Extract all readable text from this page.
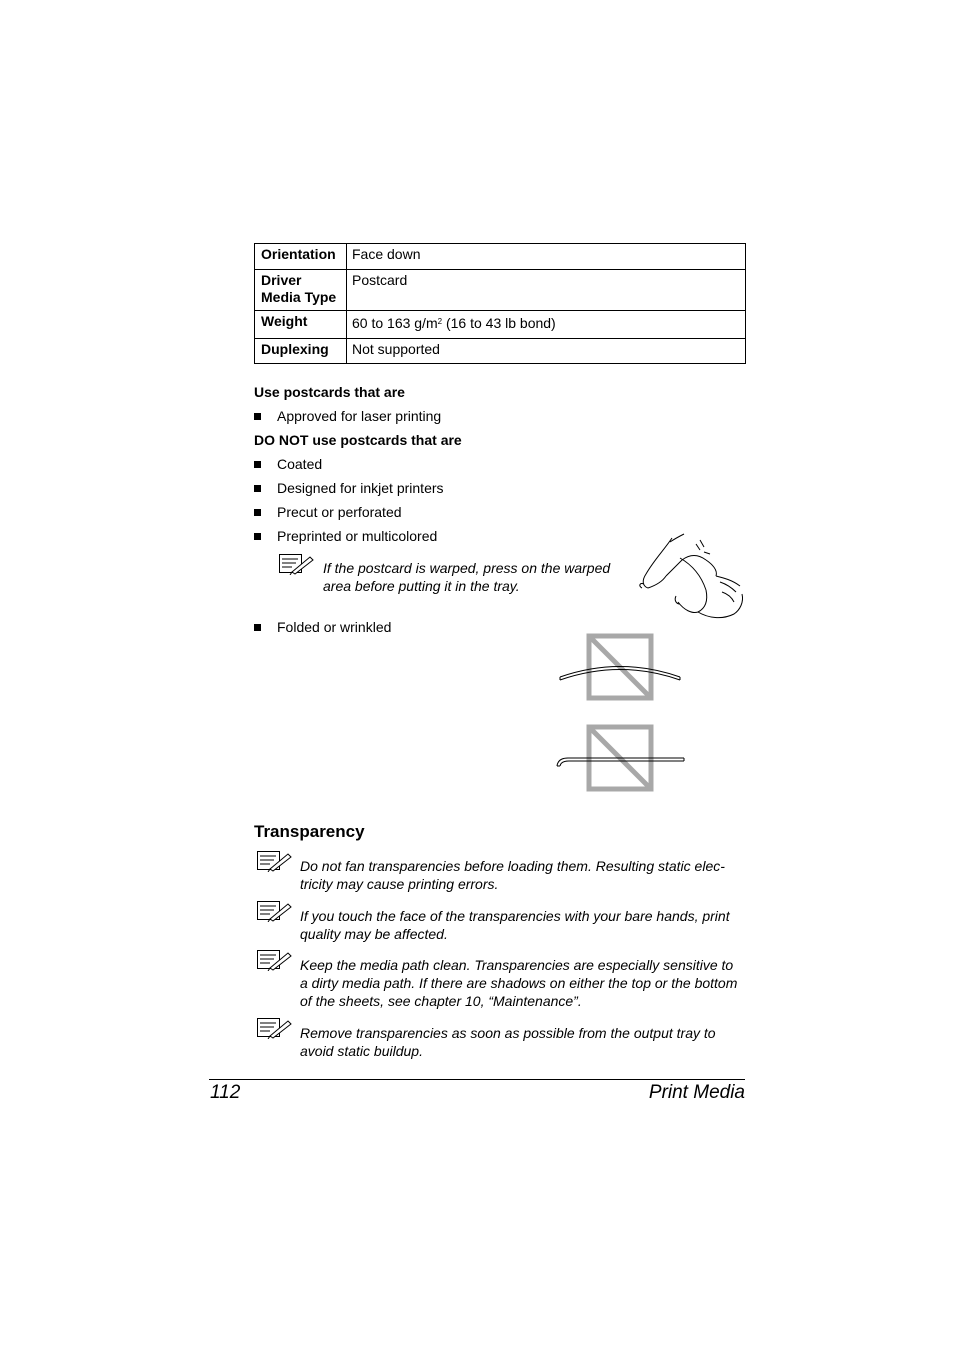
Orientation	Face down

Driver
Media Type	Postcard
Weight	60 to 163 $g/m^2$ (16 to 43 lb bond)
Duplexing	Not supported
Use postcards that are
Approved for laser printing
DO NOT use postcards that are
Coated
Designed for inkjet printers
Precut or perforated
Preprinted or multicolored
If the postcard is warped, press on the warped
area before putting it in the tray.
Folded or wrinkled
Transparency
Do not fan transparencies before loading them. Resulting static elec-
tricity may cause printing errors.
If you touch the face of the transparencies with your bare hands, print
quality may be affected.
Keep the media path clean. Transparencies are especially sensitive to
a dirty media path. If there are shadows on either the top or the bottom
of the sheets, see chapter 10, “Maintenance”.
Remove transparencies as soon as possible from the output tray to
avoid static buildup.
112	Print Media
